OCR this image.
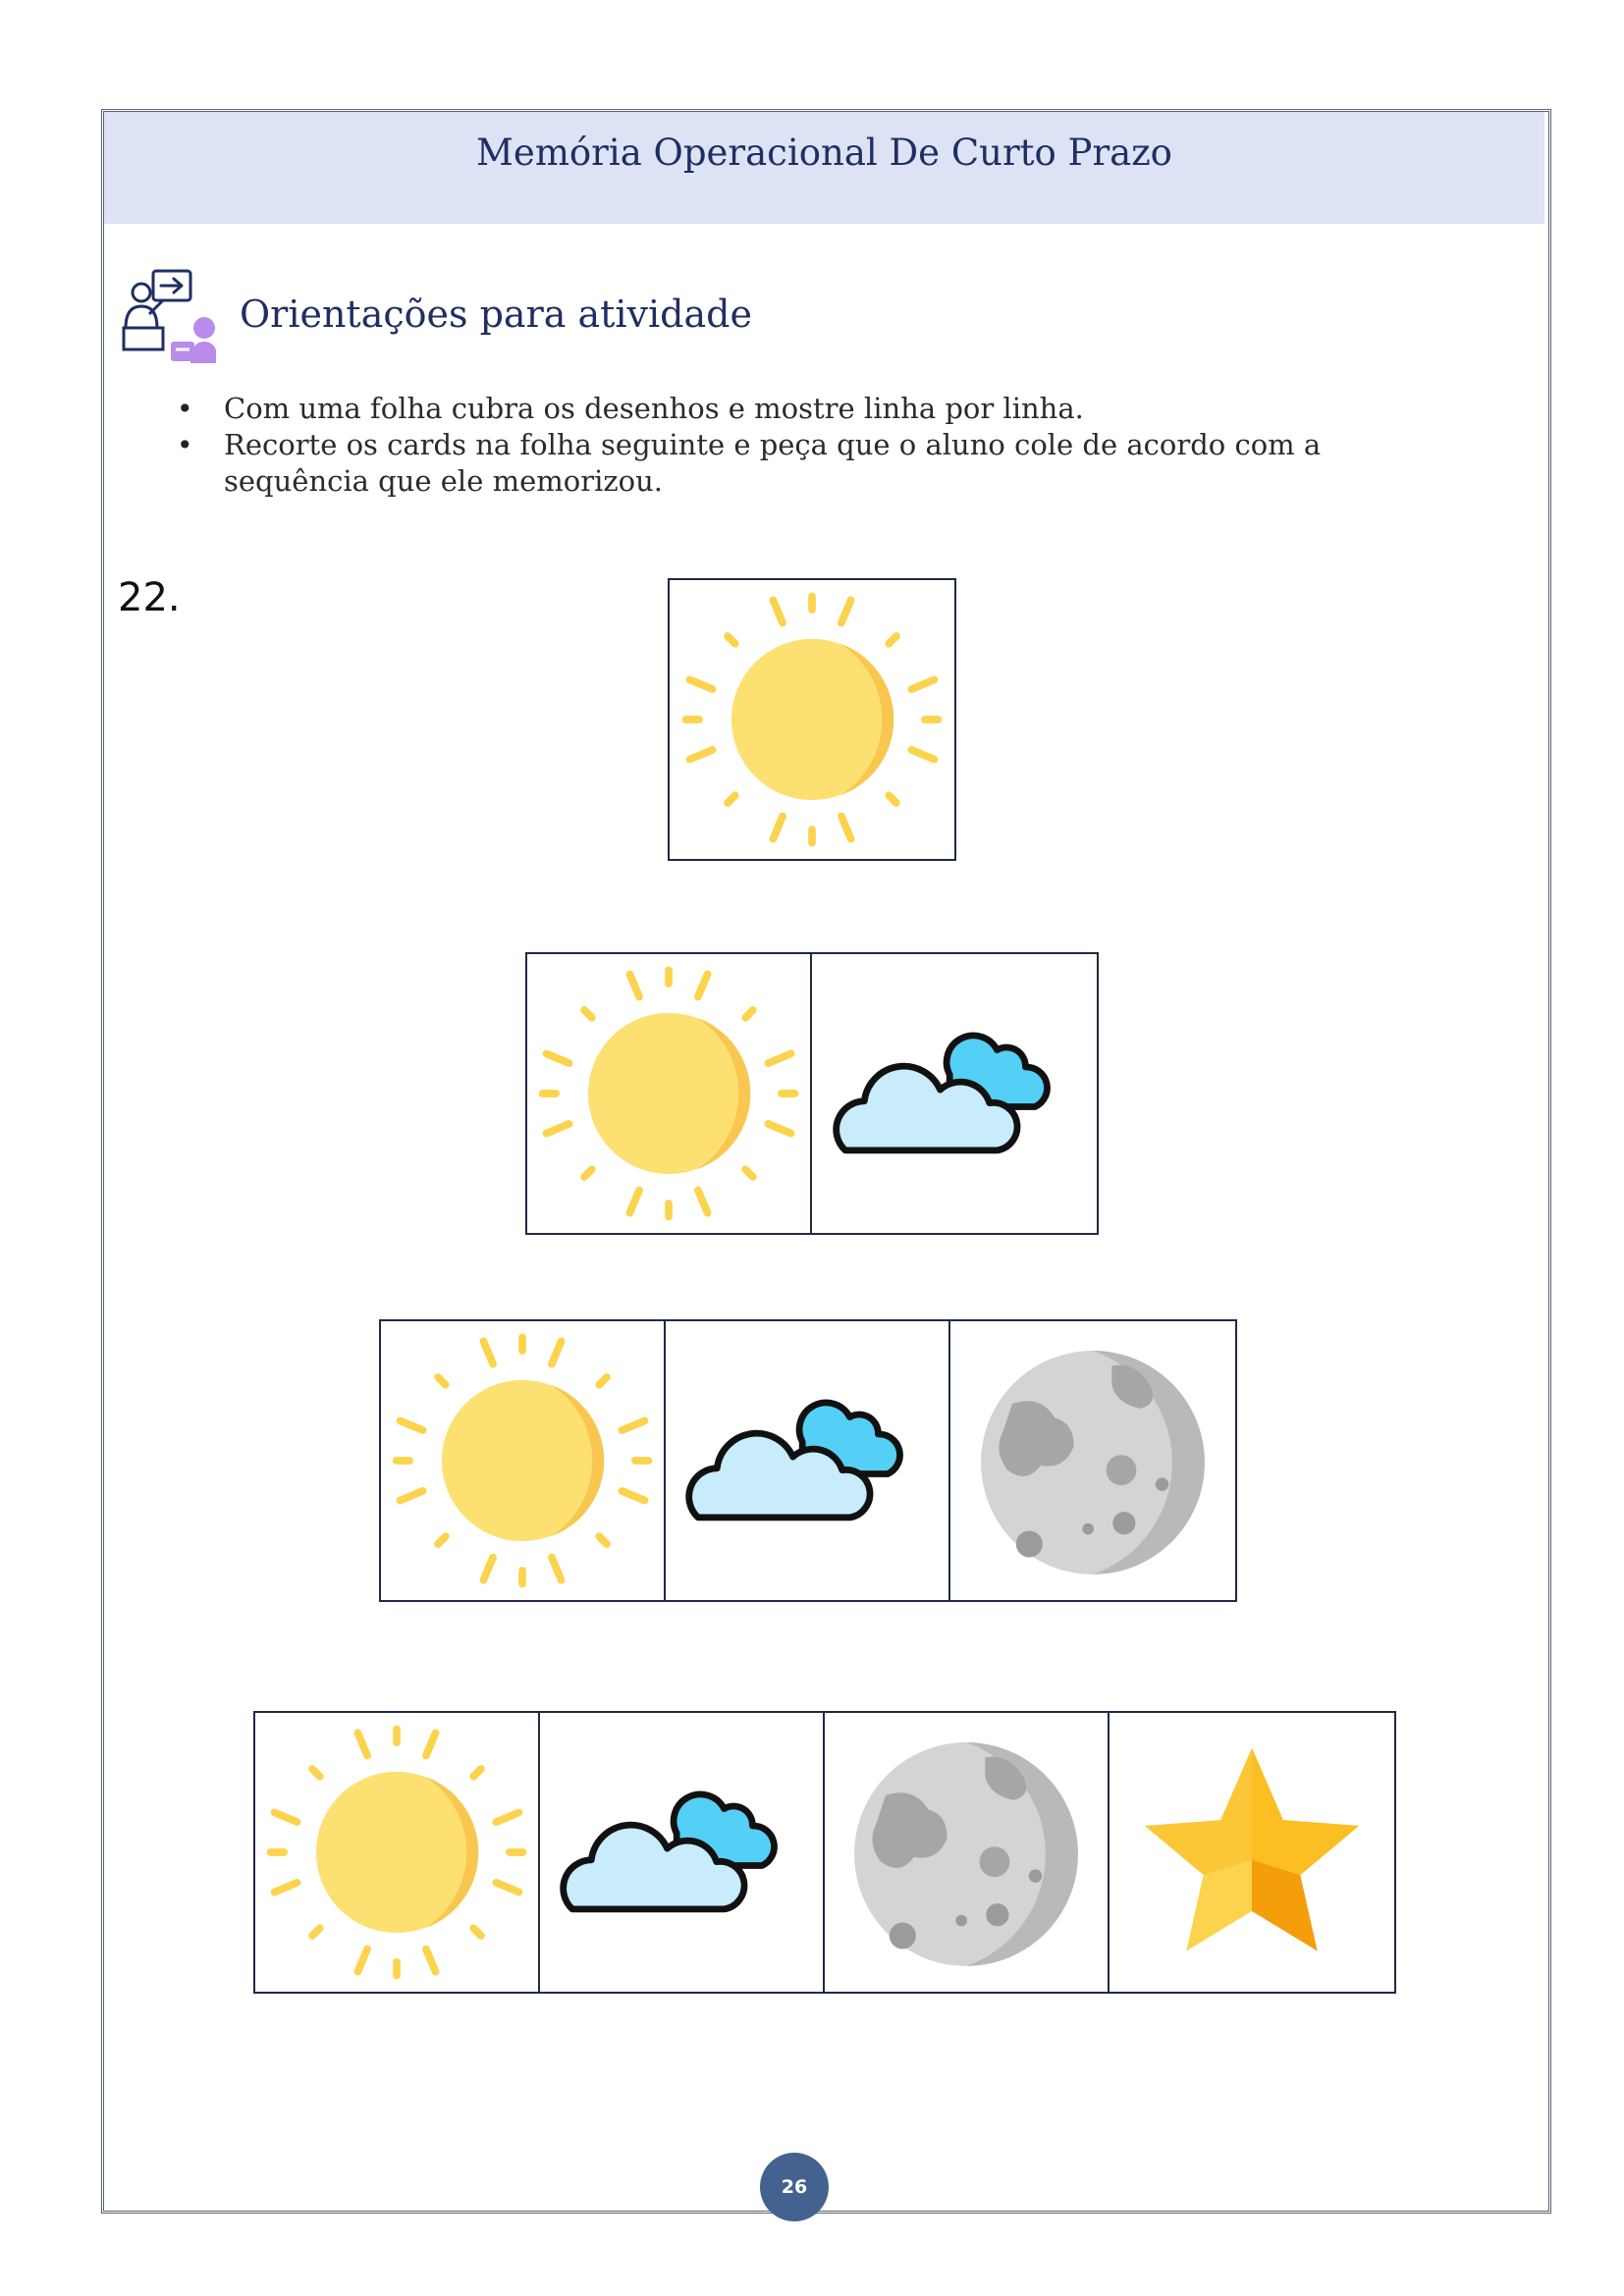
Memória Operacional De Curto Prazo
Orientações para atividade
• Com uma folha cubra os desenhos e mostre linha por linha.
• Recorte os cards na folha seguinte e peça que o aluno cole de acordo com a sequência que ele memorizou.
22.
26
